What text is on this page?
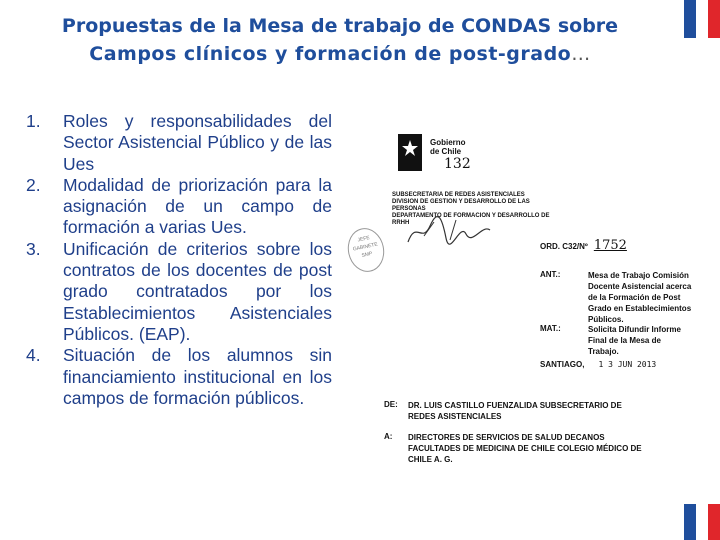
Propuestas de la Mesa de trabajo de CONDAS sobre
Campos clínicos y formación de post-grado…
1. Roles y responsabilidades del Sector Asistencial Público y de las Ues
2. Modalidad de priorización para la asignación de un campo de formación a varias Ues.
3. Unificación de criterios sobre los contratos de los docentes de post grado contratados por los Establecimientos Asistenciales Públicos. (EAP).
4. Situación de los alumnos sin financiamiento institucional en los campos de formación públicos.
Gobierno de Chile
132
SUBSECRETARIA DE REDES ASISTENCIALES
DIVISION DE GESTION Y DESARROLLO DE LAS PERSONAS
DEPARTAMENTO DE FORMACION Y DESARROLLO DE RRHH
JEFE GABINETE SMP
ORD. C32/Nº 1752
ANT.:	Mesa de Trabajo Comisión Docente Asistencial acerca de la Formación de Post Grado en Establecimientos Públicos.
MAT.:	Solicita Difundir Informe Final de la Mesa de Trabajo.
SANTIAGO, 1 3 JUN 2013
DE: DR. LUIS CASTILLO FUENZALIDA SUBSECRETARIO DE REDES ASISTENCIALES
A: DIRECTORES DE SERVICIOS DE SALUD DECANOS FACULTADES DE MEDICINA DE CHILE COLEGIO MÉDICO DE CHILE A. G.
